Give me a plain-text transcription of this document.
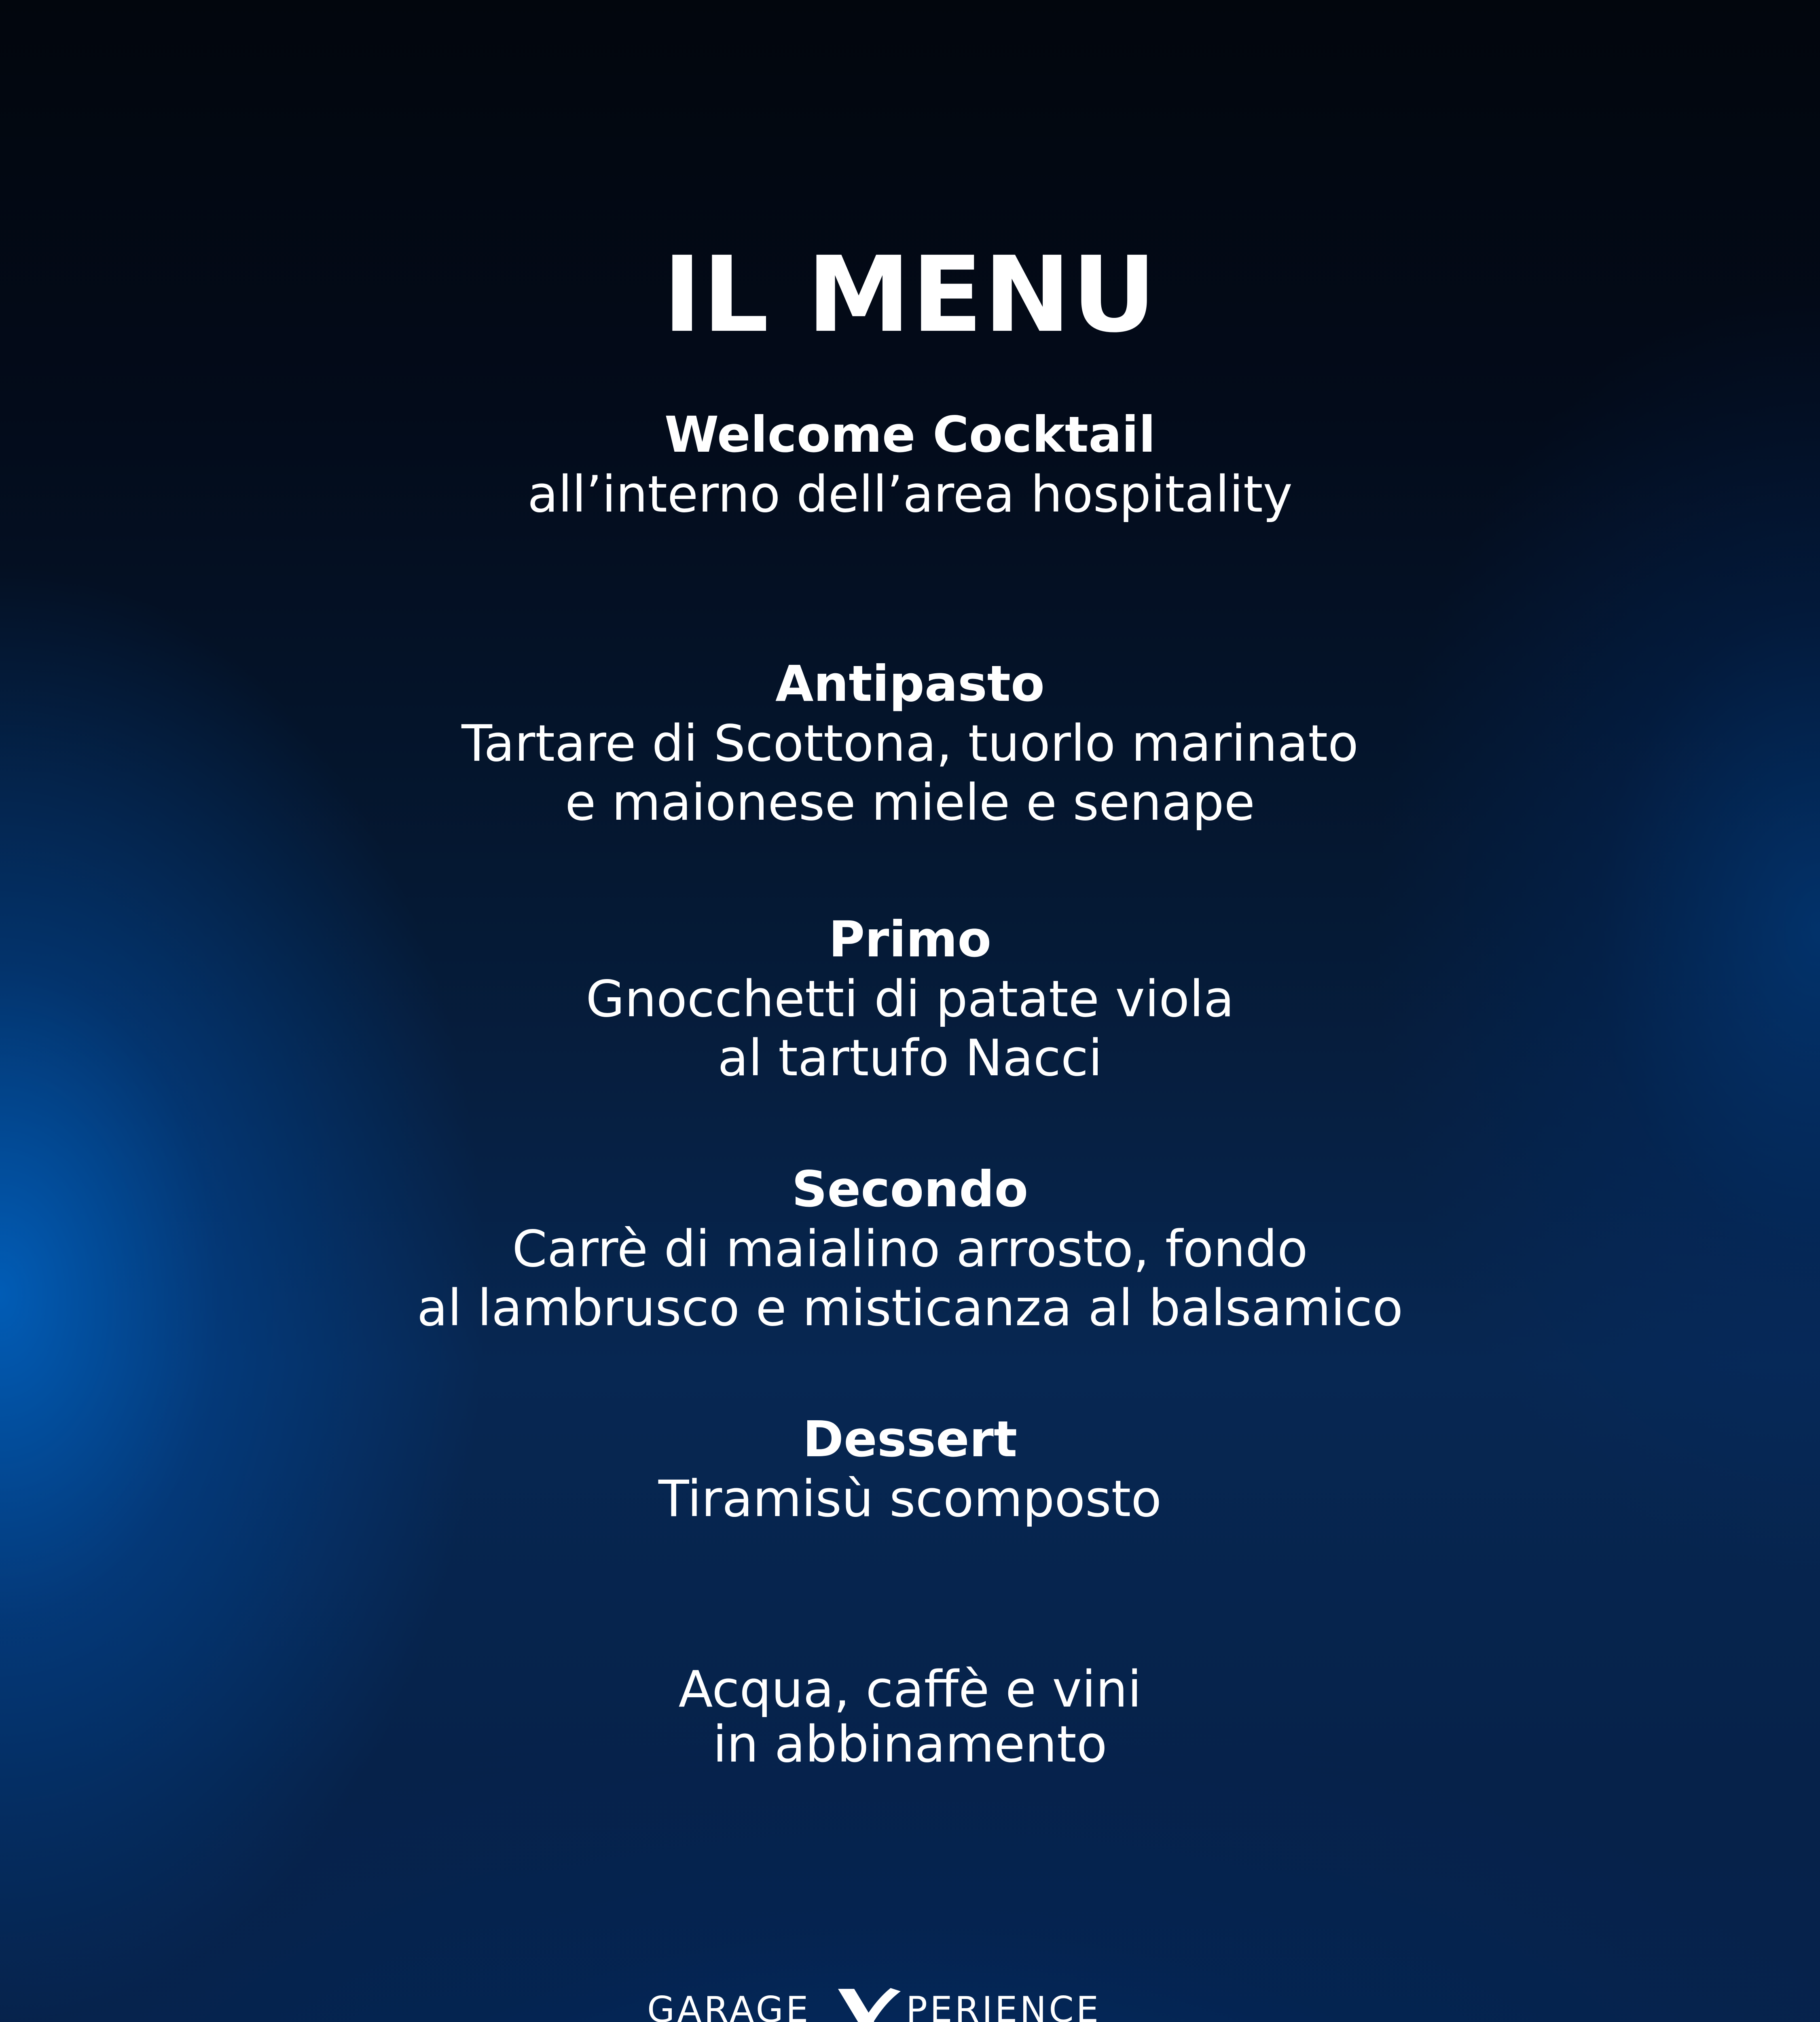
IL MENU
Welcome Cocktail
all’interno dell’area hospitality
Antipasto
Tartare di Scottona, tuorlo marinato
e maionese miele e senape
Primo
Gnocchetti di patate viola
al tartufo Nacci
Secondo
Carrè di maialino arrosto, fondo
al lambrusco e misticanza al balsamico
Dessert
Tiramisù scomposto
Acqua, caffè e vini
in abbinamento
GARAGE	PERIENCE
